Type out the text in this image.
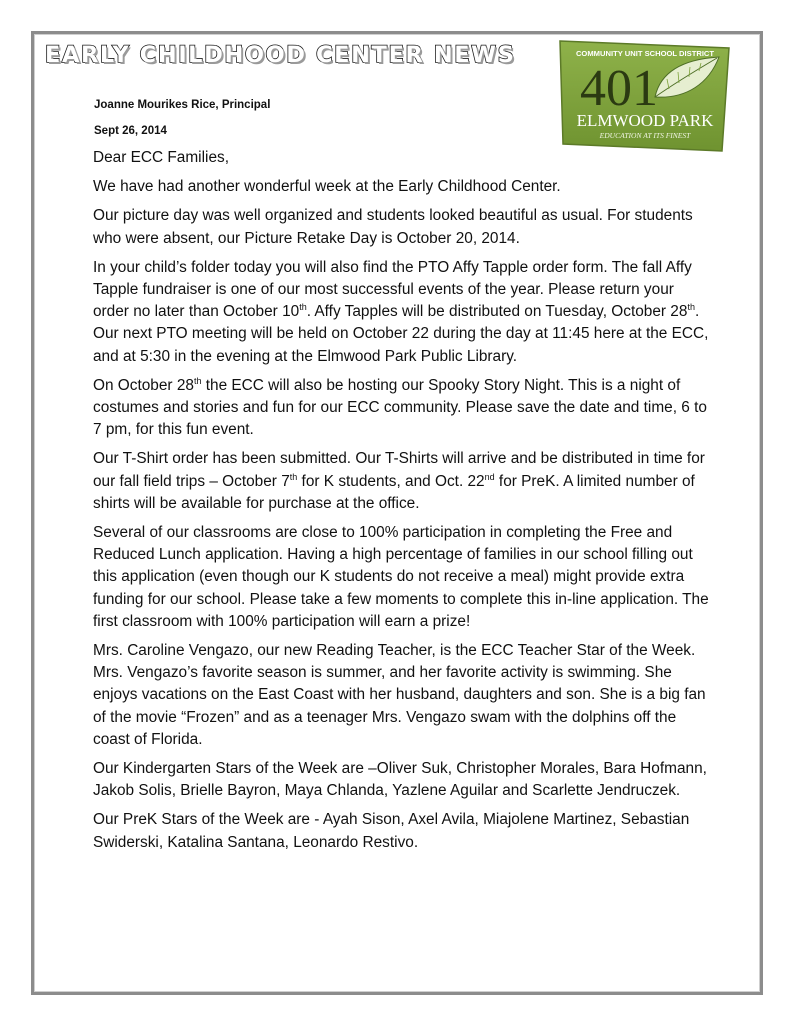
EARLY CHILDHOOD CENTER NEWS
Joanne Mourikes Rice, Principal
Sept 26, 2014
COMMUNITY UNIT SCHOOL DISTRICT
401
ELMWOOD PARK
EDUCATION AT ITS FINEST

Dear ECC Families,

We have had another wonderful week at the Early Childhood Center.

Our picture day was well organized and students looked beautiful as usual. For students who were absent, our Picture Retake Day is October 20, 2014.

In your child’s folder today you will also find the PTO Affy Tapple order form. The fall Affy Tapple fundraiser is one of our most successful events of the year. Please return your order no later than October 10th. Affy Tapples will be distributed on Tuesday, October 28th. Our next PTO meeting will be held on October 22 during the day at 11:45 here at the ECC, and at 5:30 in the evening at the Elmwood Park Public Library.

On October 28th the ECC will also be hosting our Spooky Story Night. This is a night of costumes and stories and fun for our ECC community. Please save the date and time, 6 to 7 pm, for this fun event.

Our T-Shirt order has been submitted. Our T-Shirts will arrive and be distributed in time for our fall field trips – October 7th for K students, and Oct. 22nd for PreK. A limited number of shirts will be available for purchase at the office.

Several of our classrooms are close to 100% participation in completing the Free and Reduced Lunch application. Having a high percentage of families in our school filling out this application (even though our K students do not receive a meal) might provide extra funding for our school. Please take a few moments to complete this in-line application. The first classroom with 100% participation will earn a prize!

Mrs. Caroline Vengazo, our new Reading Teacher, is the ECC Teacher Star of the Week. Mrs. Vengazo’s favorite season is summer, and her favorite activity is swimming. She enjoys vacations on the East Coast with her husband, daughters and son. She is a big fan of the movie “Frozen” and as a teenager Mrs. Vengazo swam with the dolphins off the coast of Florida.

Our Kindergarten Stars of the Week are –Oliver Suk, Christopher Morales, Bara Hofmann, Jakob Solis, Brielle Bayron, Maya Chlanda, Yazlene Aguilar and Scarlette Jendruczek.

Our PreK Stars of the Week are - Ayah Sison, Axel Avila, Miajolene Martinez, Sebastian Swiderski, Katalina Santana, Leonardo Restivo.
